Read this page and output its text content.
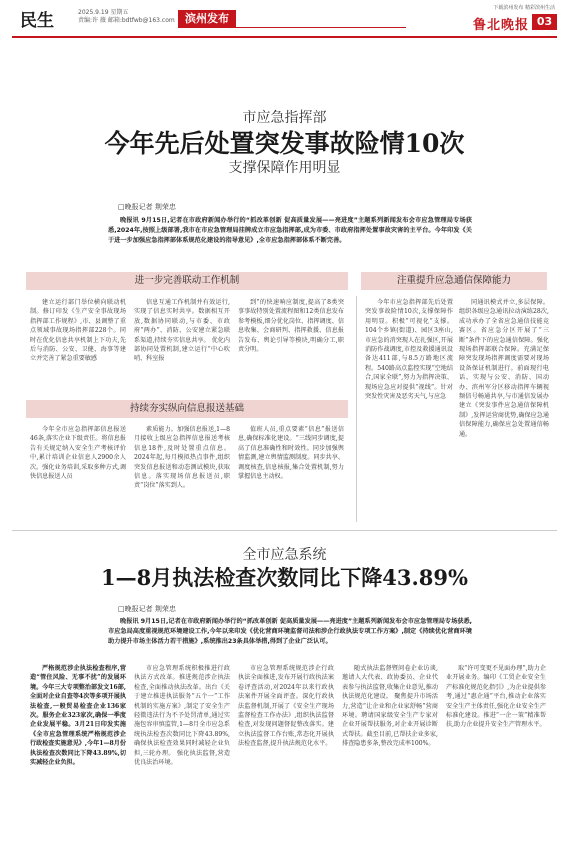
民生	2025.9.19 星期五
责编:许 薇 邮箱:bdtfwb@163.com 滨州发布
下载滨州发布 精彩滨州生活
鲁北晚报 03
市应急指挥部
今年先后处置突发事故险情10次
支撑保障作用明显
□晚报记者 荆荣忠
晚报讯 9月15日,记者在市政府新闻办举行的“抓改革创新 促高质量发展——亮进度”主题系列新闻发布会市应急管理局专场获悉,2024年,按照上级部署,我市在市应急管理局挂牌成立市应急指挥部,成为市委、市政府指挥处置事故灾害的主平台。今年印发《关于进一步加强应急指挥部体系规范化建设的指导意见》,全市应急指挥部体系不断完善。
进一步完善联动工作机制	注重提升应急通信保障能力
建立运行部门举位横向联动机制。修订印发《生产安全事故现场指挥部工作规程》,市、县调整了重点领域事故现场指挥部228个。同时在优化信息共享机制上下功夫,先后与消防、公安、卫健、海事等建立并完善了紧急重要敏感
信息互通工作机制并有效运行,实现了信息实时共享。数据相互开放,数据协同联动,与市委、市政府“两办”、消防、公安建立紧急联系渠道,持续夯实信息共享。 优化内部协同处置机制,建立运行“中心吹哨、科室报
到”的快速响应制度,提高了8类突事事故特别处置流程图和12类信息发布参考模板,细分优化岗位、指挥调度、信息收集、会商研判、指挥救援、信息报告发布、舆论引导等模块,明确分工,职责分明。
持续夯实纵向信息报送基础
今年全市应急指挥部信息报送46条,落实企业下级责任。将信息报告有关规定纳入安全生产考核评价中,累计培训企业信息人2900余人次。强化业务培训,采取多种方式,调快信息报送人员
素质能力。加强信息报送,1—8月接收上级应急指挥信息报送考核信息18件,及时处置重点信息。2024年起,每月模拟热点事件,组织突发信息报送和动态测试模块,获取信息。落实现场信息报送员,职责“岗位”落实到人。
值班人员,重点要素“信息”报送信息,确保标准化建设。“三线同步调度,提高了信息准确性和时效性。同步加强舆情监测,建立舆情监测制度。同步共享、调度核查,信息核报,集合处置机制,努力掌握信息主动权。
今年市应急指挥部先后处置突发事故险情10次,支撑保障作用明显。积极“可视化”支撑。104个乡镇(街道)、园区3座山,市应急的消突现人在扎强区,开展消防作战调度,市控及救援通讯设备达411部,与8.5万路地区流程。540路高点监控实现“空地结合,国家全联”,努力为指挥决策、现场应急应对提供“视线”。针对突发性灾害及恶劣天气,与应急
同通讯模式并立,多层保障。组织各级应急通讯拉动演练28次,成功承办了全省应急通信技能竞赛区。省应急分区开展了“三断”条件下的应急通信保障。强化现场指挥部联合保障。充满足保障突发现场指挥调度需要对现场设备保证机制进行。前面现行电话、实现与公安、消防、国动办、滨州军分区移动指挥车辆视频信号畅通共享,与市通信发展办建立《突发事件应急通信保障机制》,发挥运营商优势,确保应急通信保障能力,确保应急处置通信畅通。
全市应急系统
1—8月执法检查次数同比下降43.89%
□晚报记者 荆荣忠
晚报讯 9月15日,记者在市政府新闻办举行的“抓改革创新 促高质量发展——亮进度”主题系列新闻发布会市应急管理局专场获悉,市应急局高度重视规范环境建设工作,今年以来印发《优化营商环境监督司法和涉企行政执法专项工作方案》,制定《持续优化营商环境 助力提升市场主体活力若干措施》,系统推出23条具体举措,得到了企业广泛认可。
严格规范涉企执法检查程序,营造“管住风险、无事不扰”的发展环境。今年三大专项整治部发文16部,全面对企业自查等4次等多项开展执法检查,一般贸易检查企业136家次。服务企业323家次,确保一季度企业发展平稳。3月21日印发实施《全市应急管理系统严格规范涉企行政检查实施意见》,今年1—8月份执法检查次数同比下降43.89%,切实减轻企业负担。
市应急管理系统积极推进行政执法方式改革。推进规范涉企执法检查,全面推动执法改革。出台《关于建立推进执法服务“五个一”工作机制的实施方案》,制定了安全生产轻微违法行为不予处罚清单,通过实施包容审慎监管,1—8月全市应急系统执法检查次数同比下降43.89%,确保执法检查效果同时减轻企业负担,三轮办理。 强化执法监督,营造优良法治环境。
市应急管理系统规范涉企行政执法全面推进,发布开展行政执法案卷评查活动,对2024年以来行政执法案件开展全面评查。深化行政执法监督机制,开展了《安全生产现场监督检查工作办法》,组织执法监督检查,对发现问题督促整改落实。建立执法监督工作台账,常态化开展执法检查监督,提升执法规范化水平。
随式执法监督暨问卷企业访谈,邀请人大代表、政协委员、企业代表参与执法监督,收集企业意见,推动执法规范化建设。 聚焦提升市场活力,营造“让企业和企业家舒畅”营商环境。聘请国家级安全生产专家对企业开展帮扶服务,对企业开展诊断式帮扶。截至目前,已帮扶企业多家,排查隐患多条,整改完成率100%。
取“许可变更不见面办理”,助力企业开展业务。编印《工贸企业安全生产标准化规范化指引》,为企业提供参考,通过“惠企通”平台,推动企业落实安全生产主体责任,强化企业安全生产标准化建设。推进“一企一策”精准帮扶,助力企业提升安全生产管理水平。
